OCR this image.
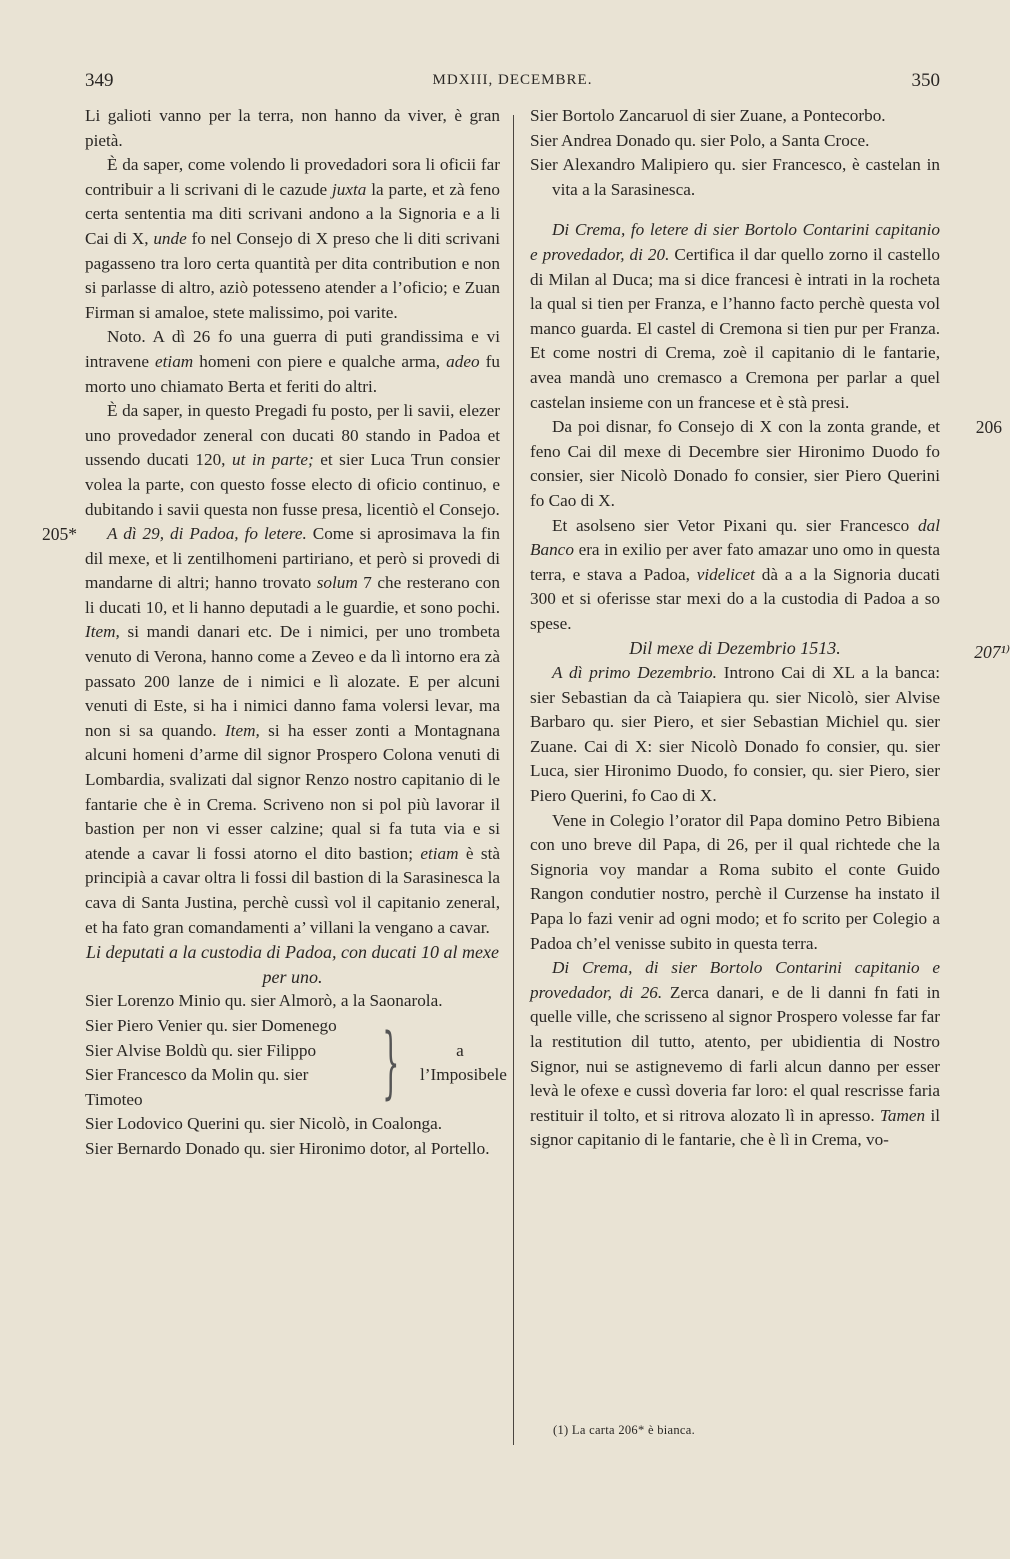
349	MDXIII, DECEMBRE.	350

Li galioti vanno per la terra, non hanno da viver, è gran pietà.

È da saper, come volendo li provedadori sora li oficii far contribuir a li scrivani di le cazude juxta la parte, et zà feno certa sententia ma diti scrivani andono a la Signoria e a li Cai di X, unde fo nel Consejo di X preso che li diti scrivani pagasseno tra loro certa quantità per dita contribution e non si parlasse di altro, aziò potesseno atender a l’oficio; e Zuan Firman si amaloe, stete malissimo, poi varite.

Noto. A dì 26 fo una guerra di puti grandissima e vi intravene etiam homeni con piere e qualche arma, adeo fu morto uno chiamato Berta et feriti do altri.

È da saper, in questo Pregadi fu posto, per li savii, elezer uno provedador zeneral con ducati 80 stando in Padoa et ussendo ducati 120, ut in parte; et sier Luca Trun consier volea la parte, con questo fosse electo di oficio continuo, e dubitando i savii questa non fusse presa, licentiò el Consejo.

205* A dì 29, di Padoa, fo letere. Come si aprosimava la fin dil mexe, et li zentilhomeni partiriano, et però si provedi di mandarne di altri; hanno trovato solum 7 che resterano con li ducati 10, et li hanno deputadi a le guardie, et sono pochi. Item, si mandi danari etc. De i nimici, per uno trombeta venuto di Verona, hanno come a Zeveo e da lì intorno era zà passato 200 lanze de i nimici e lì alozate. E per alcuni venuti di Este, si ha i nimici danno fama volersi levar, ma non si sa quando. Item, si ha esser zonti a Montagnana alcuni homeni d’arme dil signor Prospero Colona venuti di Lombardia, svalizati dal signor Renzo nostro capitanio di le fantarie che è in Crema. Scriveno non si pol più lavorar il bastion per non vi esser calzine; qual si fa tuta via e si atende a cavar li fossi atorno el dito bastion; etiam è stà principià a cavar oltra li fossi dil bastion di la Sarasinesca la cava di Santa Justina, perchè cussì vol il capitanio zeneral, et ha fato gran comandamenti a’ villani la vengano a cavar.

Li deputati a la custodia di Padoa, con ducati 10 al mexe per uno.

Sier Lorenzo Minio qu. sier Almorò, a la Saonarola.

Sier Piero Venier qu. sier Domenego
Sier Alvise Boldù qu. sier Filippo
Sier Francesco da Molin qu. sier Timoteo	}	a l’Imposibele

Sier Lodovico Querini qu. sier Nicolò, in Coalonga.

Sier Bernardo Donado qu. sier Hironimo dotor, al Portello.

Sier Bortolo Zancaruol di sier Zuane, a Pontecorbo.

Sier Andrea Donado qu. sier Polo, a Santa Croce.

Sier Alexandro Malipiero qu. sier Francesco, è castelan in vita a la Sarasinesca.

Di Crema, fo letere di sier Bortolo Contarini capitanio e provedador, di 20. Certifica il dar quello zorno il castello di Milan al Duca; ma si dice francesi è intrati in la rocheta la qual si tien per Franza, e l’hanno facto perchè questa vol manco guarda. El castel di Cremona si tien pur per Franza. Et come nostri di Crema, zoè il capitanio di le fantarie, avea mandà uno cremasco a Cremona per parlar a quel castelan insieme con un francese et è stà presi.

206
Da poi disnar, fo Consejo di X con la zonta grande, et feno Cai dil mexe di Decembre sier Hironimo Duodo fo consier, sier Nicolò Donado fo consier, sier Piero Querini fo Cao di X.

Et asolseno sier Vetor Pixani qu. sier Francesco dal Banco era in exilio per aver fato amazar uno omo in questa terra, e stava a Padoa, videlicet dà a a la Signoria ducati 300 et si oferisse star mexi do a la custodia di Padoa a so spese.

Dil mexe di Dezembrio 1513.	207¹⁾

A dì primo Dezembrio. Introno Cai di XL a la banca: sier Sebastian da cà Taiapiera qu. sier Nicolò, sier Alvise Barbaro qu. sier Piero, et sier Sebastian Michiel qu. sier Zuane. Cai di X: sier Nicolò Donado fo consier, qu. sier Luca, sier Hironimo Duodo, fo consier, qu. sier Piero, sier Piero Querini, fo Cao di X.

Vene in Colegio l’orator dil Papa domino Petro Bibiena con uno breve dil Papa, di 26, per il qual richtede che la Signoria voy mandar a Roma subito el conte Guido Rangon condutier nostro, perchè il Curzense ha instato il Papa lo fazi venir ad ogni modo; et fo scrito per Colegio a Padoa ch’el venisse subito in questa terra.

Di Crema, di sier Bortolo Contarini capitanio e provedador, di 26. Zerca danari, e de li danni fn fati in quelle ville, che scrisseno al signor Prospero volesse far far la restitution dil tutto, atento, per ubidientia di Nostro Signor, nui se astignevemo di farli alcun danno per esser levà le ofexe e cussì doveria far loro: el qual rescrisse faria restituir il tolto, et si ritrova alozato lì in apresso. Tamen il signor capitanio di le fantarie, che è lì in Crema, vo-

(1) La carta 206* è bianca.
